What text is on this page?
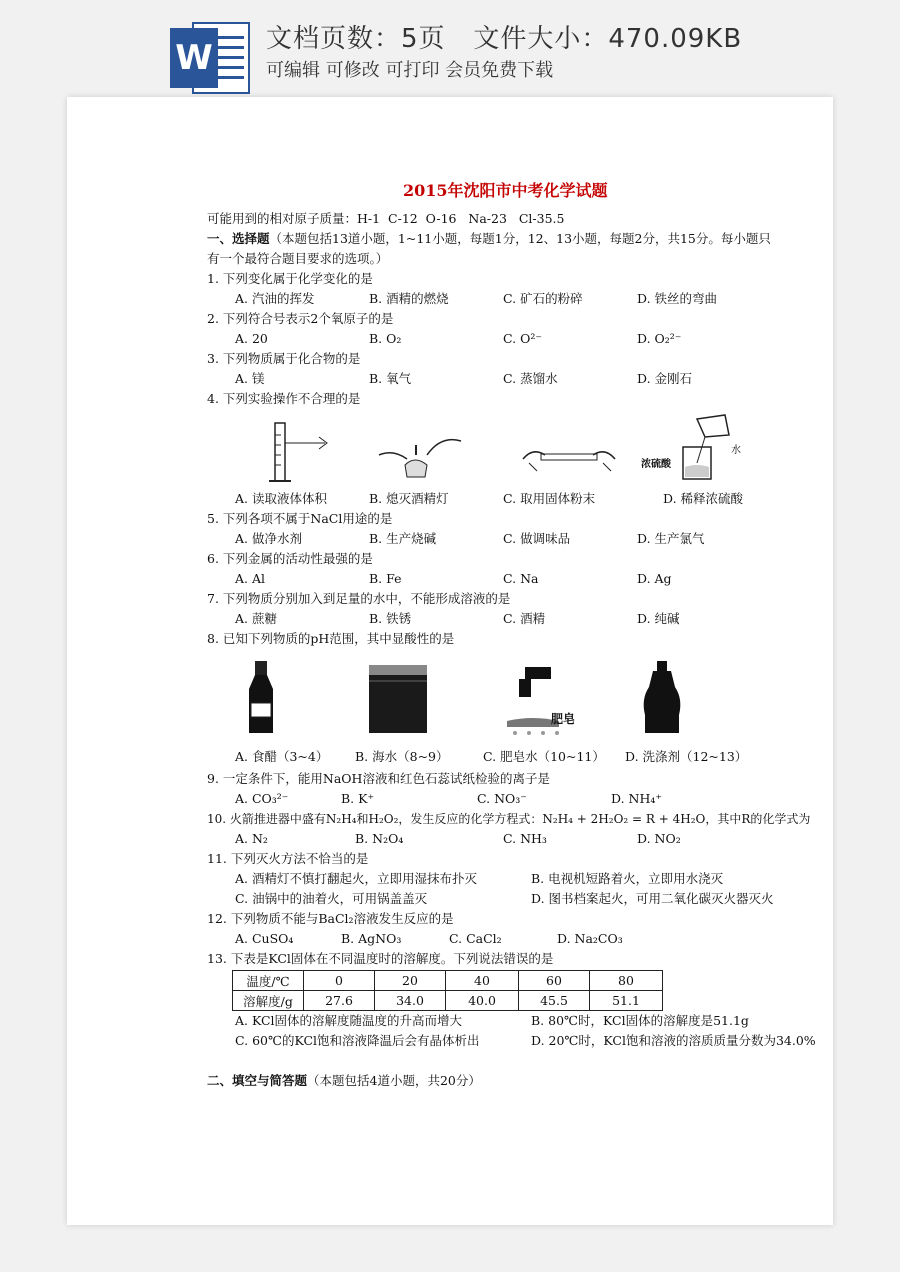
W 文档页数：5页   文件大小：470.09KB
可编辑 可修改 可打印 会员免费下载
2015年沈阳市中考化学试题
可能用到的相对原子质量：H-1  C-12  O-16   Na-23   Cl-35.5
一、选择题（本题包括13道小题，1~11小题，每题1分，12、13小题，每题2分，共15分。每小题只
有一个最符合题目要求的选项。）
1. 下列变化属于化学变化的是
A. 汽油的挥发	B. 酒精的燃烧	C. 矿石的粉碎	D. 铁丝的弯曲
2. 下列符合号表示2个氧原子的是
A. 20	B. O₂	C. O²⁻	D. O₂²⁻
3. 下列物质属于化合物的是
A. 镁	B. 氧气	C. 蒸馏水	D. 金刚石
4. 下列实验操作不合理的是
浓硫酸
水
A. 读取液体体积	B. 熄灭酒精灯	C. 取用固体粉末	D. 稀释浓硫酸
5. 下列各项不属于NaCl用途的是
A. 做净水剂	B. 生产烧碱	C. 做调味品	D. 生产氯气
6. 下列金属的活动性最强的是
A. Al	B. Fe	C. Na	D. Ag
7. 下列物质分别加入到足量的水中，不能形成溶液的是
A. 蔗糖	B. 铁锈	C. 酒精	D. 纯碱
8. 已知下列物质的pH范围，其中显酸性的是
肥皂
A. 食醋（3~4） B. 海水（8~9）	C. 肥皂水（10~11） D. 洗涤剂（12~13）
9. 一定条件下，能用NaOH溶液和红色石蕊试纸检验的离子是
A. CO₃²⁻	B. K⁺	C. NO₃⁻	D. NH₄⁺
10. 火箭推进器中盛有N₂H₄和H₂O₂，发生反应的化学方程式：N₂H₄ + 2H₂O₂ = R + 4H₂O，其中R的化学式为
A. N₂	B. N₂O₄	C. NH₃	D. NO₂
11. 下列灭火方法不恰当的是
A. 酒精灯不慎打翻起火，立即用湿抹布扑灭	B. 电视机短路着火，立即用水浇灭
C. 油锅中的油着火，可用锅盖盖灭	D. 图书档案起火，可用二氧化碳灭火器灭火
12. 下列物质不能与BaCl₂溶液发生反应的是
A. CuSO₄	B. AgNO₃	C. CaCl₂	D. Na₂CO₃
13. 下表是KCl固体在不同温度时的溶解度。下列说法错误的是
A. KCl固体的溶解度随温度的升高而增大	B. 80℃时，KCl固体的溶解度是51.1g
C. 60℃的KCl饱和溶液降温后会有晶体析出	D. 20℃时，KCl饱和溶液的溶质质量分数为34.0%
二、填空与简答题（本题包括4道小题，共20分）
温度/℃	0	20	40	60	80
溶解度/g	27.6	34.0	40.0	45.5	51.1
